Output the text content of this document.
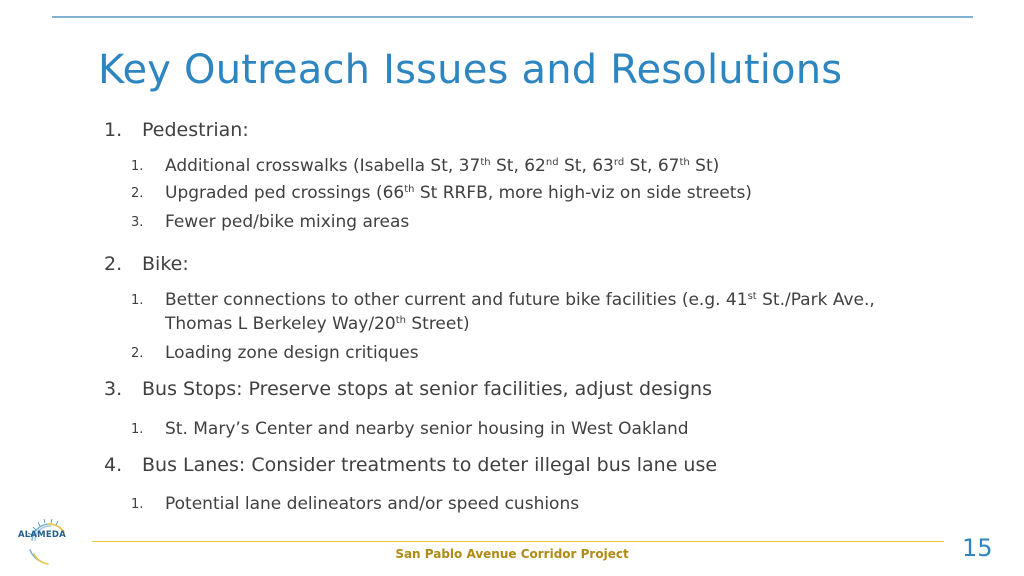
Key Outreach Issues and Resolutions
1. Pedestrian:
1. Additional crosswalks (Isabella St, 37th St, 62nd St, 63rd St, 67th St)
2. Upgraded ped crossings (66th St RRFB, more high-viz on side streets)
3. Fewer ped/bike mixing areas
2. Bike:
1. Better connections to other current and future bike facilities (e.g. 41st St./Park Ave., Thomas L Berkeley Way/20th Street)
2. Loading zone design critiques
3. Bus Stops: Preserve stops at senior facilities, adjust designs
1. St. Mary’s Center and nearby senior housing in West Oakland
4. Bus Lanes: Consider treatments to deter illegal bus lane use
1. Potential lane delineators and/or speed cushions
ALAMEDA
San Pablo Avenue Corridor Project	15
